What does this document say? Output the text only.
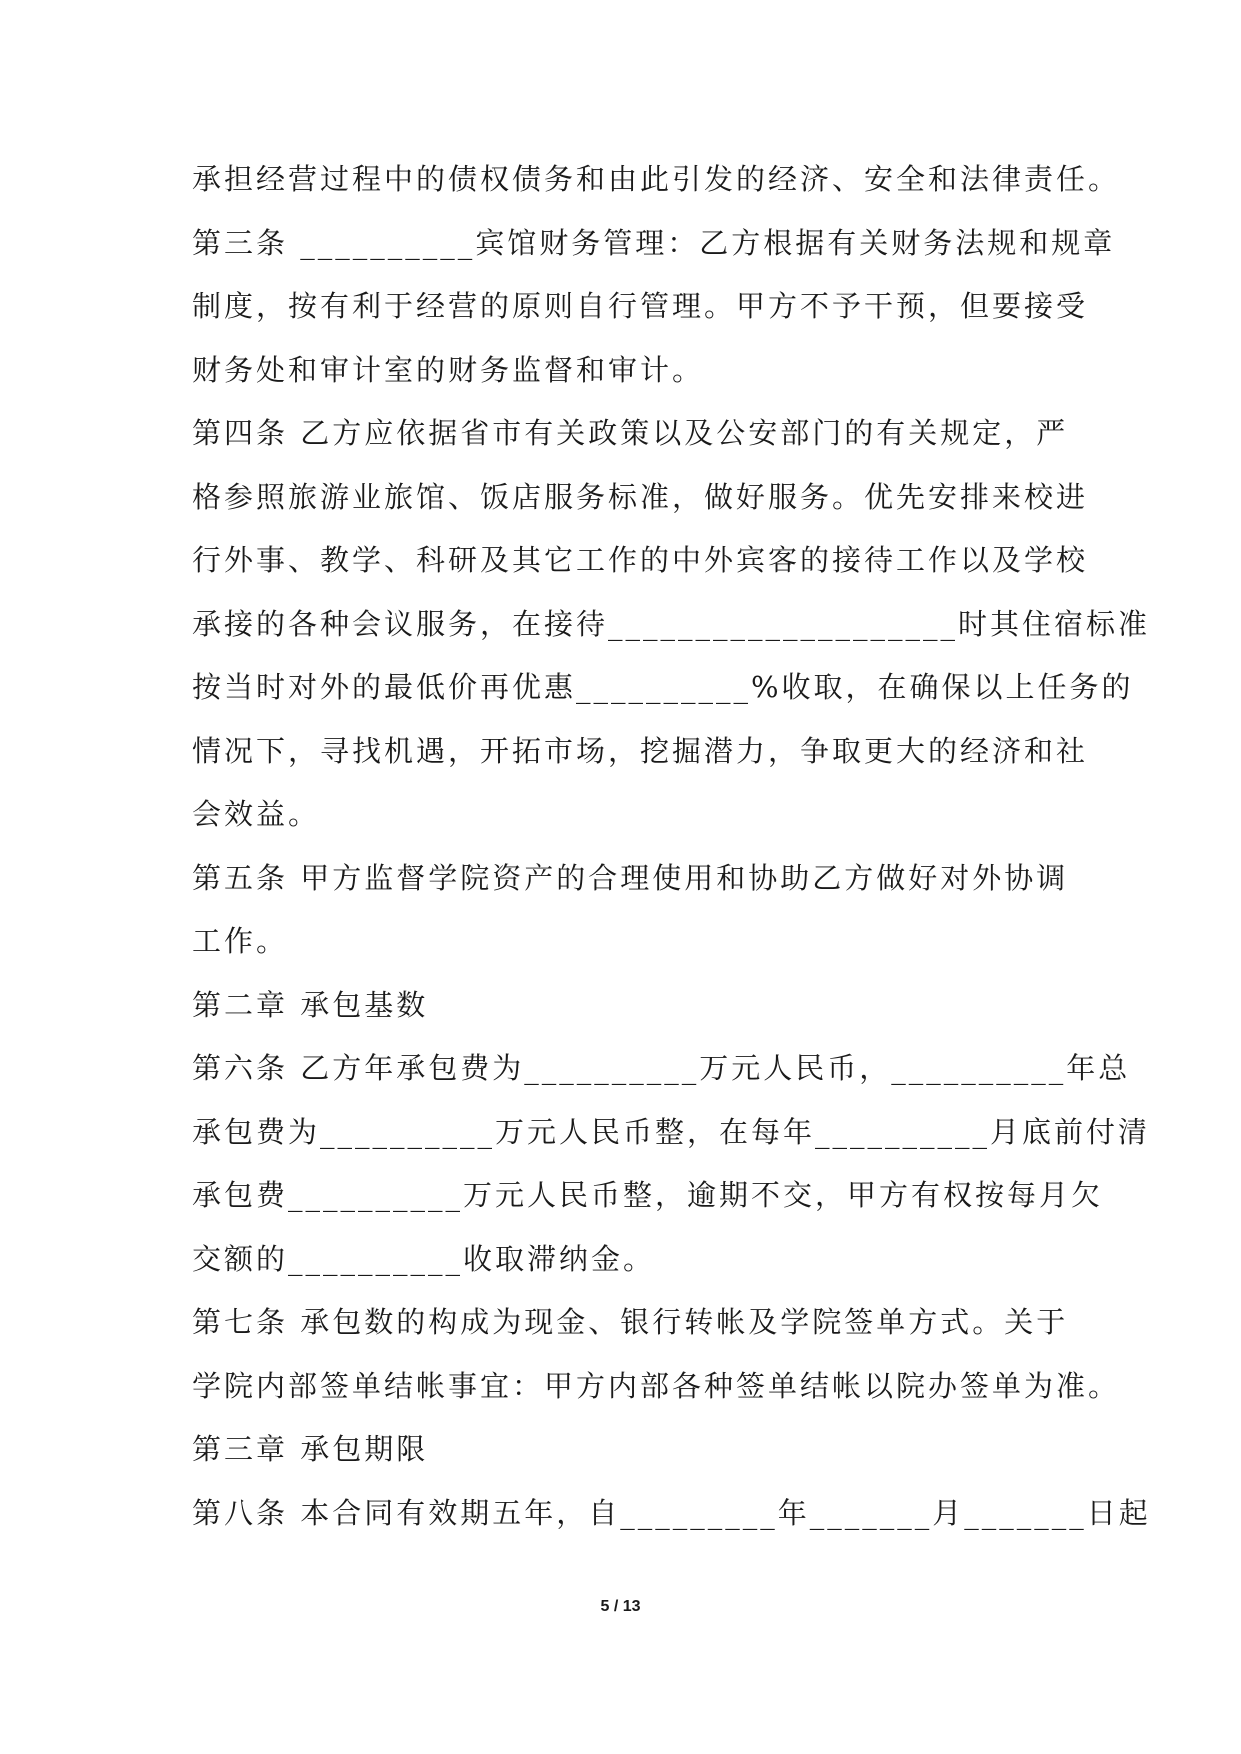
承担经营过程中的债权债务和由此引发的经济、安全和法律责任。
第三条 __________宾馆财务管理：乙方根据有关财务法规和规章
制度，按有利于经营的原则自行管理。甲方不予干预，但要接受
财务处和审计室的财务监督和审计。
第四条 乙方应依据省市有关政策以及公安部门的有关规定，严
格参照旅游业旅馆、饭店服务标准，做好服务。优先安排来校进
行外事、教学、科研及其它工作的中外宾客的接待工作以及学校
承接的各种会议服务，在接待____________________时其住宿标准
按当时对外的最低价再优惠__________%收取，在确保以上任务的
情况下，寻找机遇，开拓市场，挖掘潜力，争取更大的经济和社
会效益。
第五条 甲方监督学院资产的合理使用和协助乙方做好对外协调
工作。
第二章 承包基数
第六条 乙方年承包费为__________万元人民币，__________年总
承包费为__________万元人民币整，在每年__________月底前付清
承包费__________万元人民币整，逾期不交，甲方有权按每月欠
交额的__________收取滞纳金。
第七条 承包数的构成为现金、银行转帐及学院签单方式。关于
学院内部签单结帐事宜：甲方内部各种签单结帐以院办签单为准。
第三章 承包期限
第八条 本合同有效期五年，自_________年_______月_______日起
5 / 13
